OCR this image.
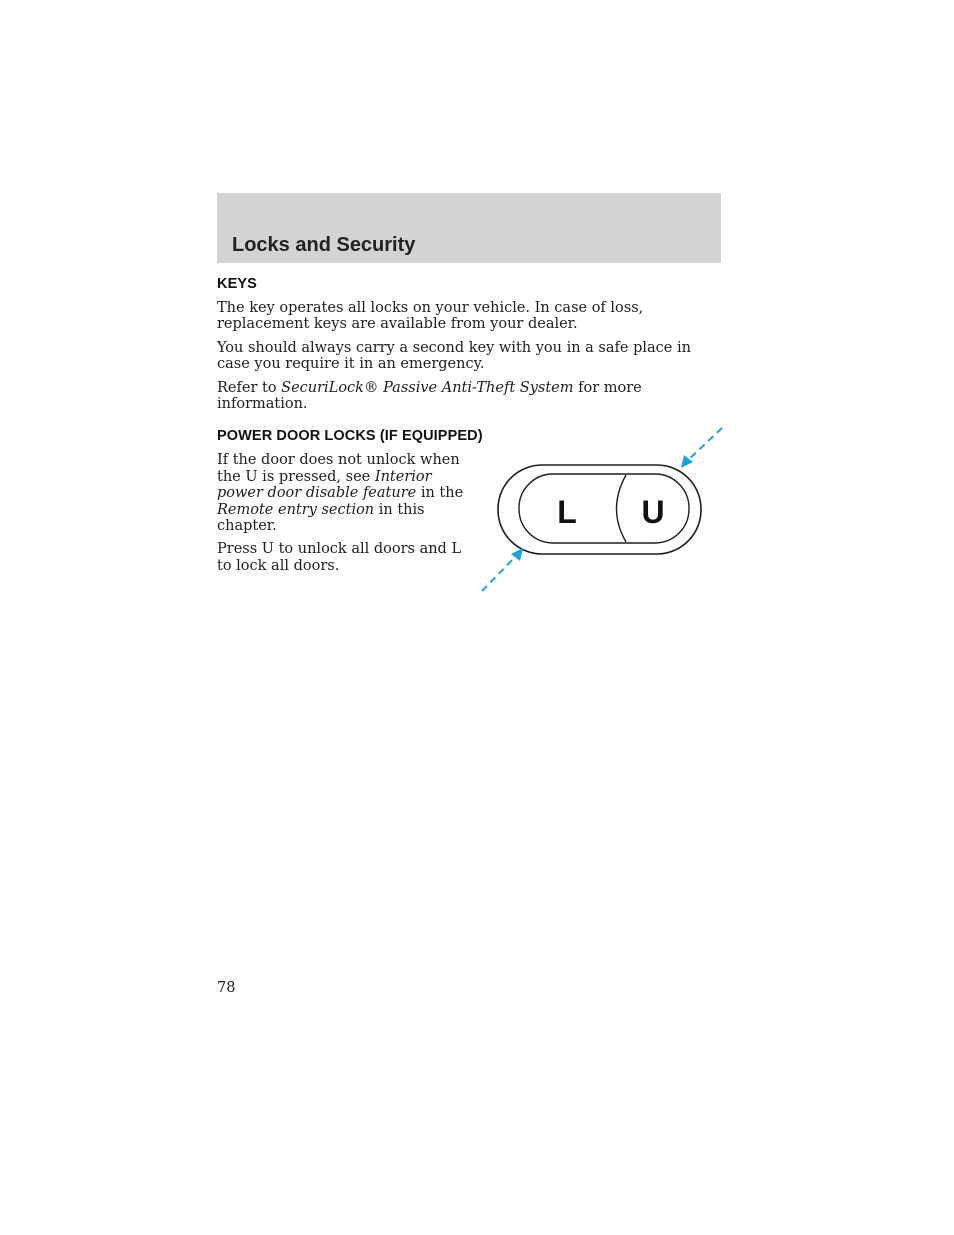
Locks and Security
KEYS

The key operates all locks on your vehicle. In case of loss, replacement keys are available from your dealer.

You should always carry a second key with you in a safe place in case you require it in an emergency.

Refer to SecuriLock® Passive Anti-Theft System for more information.

POWER DOOR LOCKS (IF EQUIPPED)

If the door does not unlock when the U is pressed, see Interior power door disable feature in the Remote entry section in this chapter.

Press U to unlock all doors and L to lock all doors.

L U
78
